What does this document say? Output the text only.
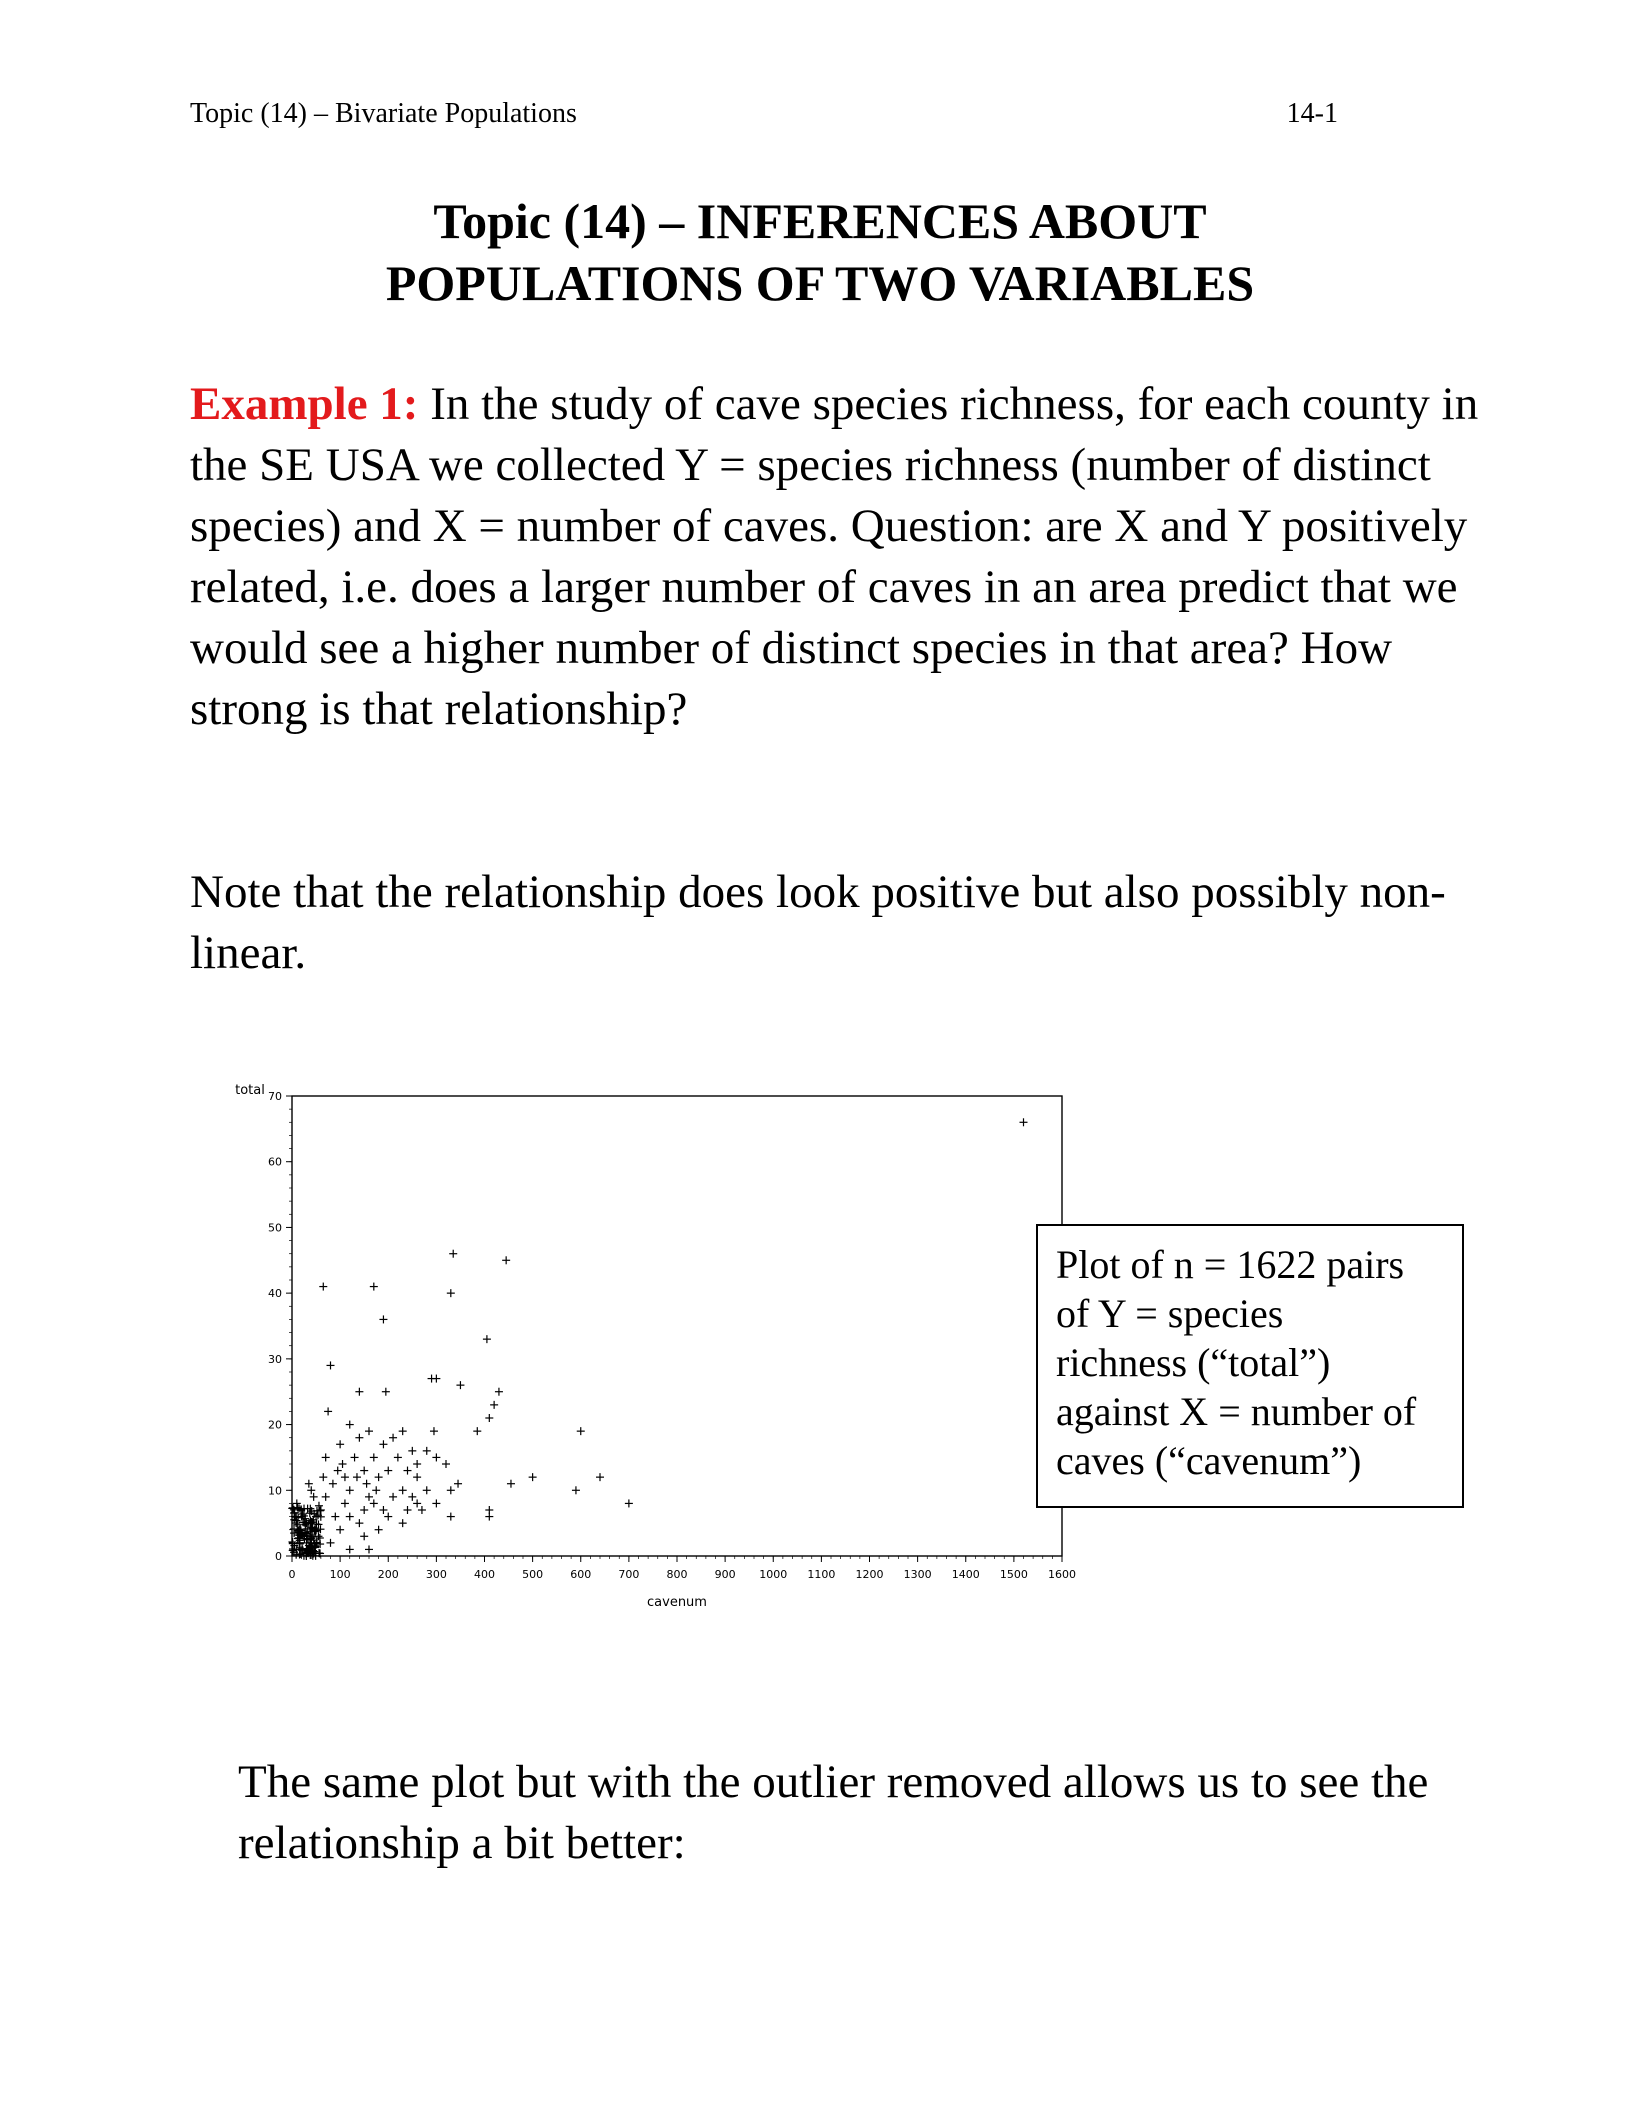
Topic (14) – Bivariate Populations	14-1
Topic (14) – INFERENCES ABOUT
POPULATIONS OF TWO VARIABLES
Example 1: In the study of cave species richness, for each county in the SE USA we collected Y = species richness (number of distinct species) and X = number of caves. Question: are X and Y positively related, i.e. does a larger number of caves in an area predict that we would see a higher number of distinct species in that area? How strong is that relationship?
Note that the relationship does look positive but also possibly non-linear.
total
cavenum
0	100 200 300 400 500 600 700 800 900 1000 1100 1200 1300 1400 1500 1600
0
10
20
30
40
50
60
70
Plot of n = 1622 pairs
of Y = species
richness (“total”)
against X = number of
caves (“cavenum”)
The same plot but with the outlier removed allows us to see the relationship a bit better:
